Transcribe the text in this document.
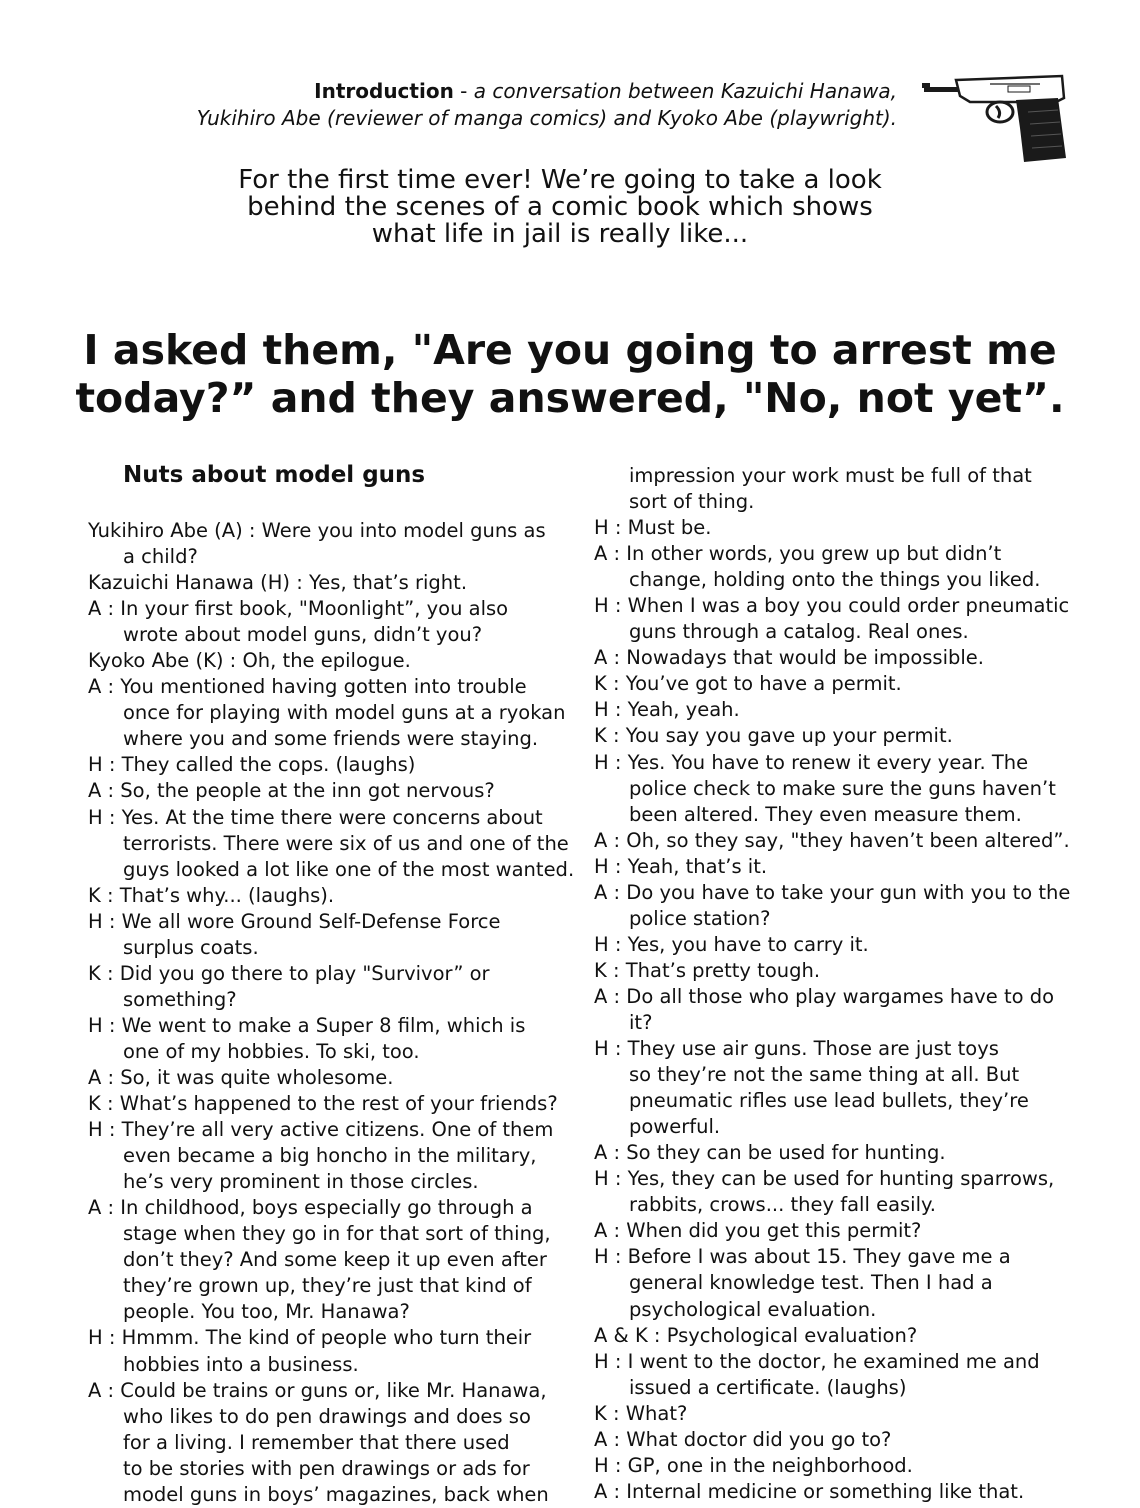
Introduction - a conversation between Kazuichi Hanawa,
Yukihiro Abe (reviewer of manga comics) and Kyoko Abe (playwright).
For the first time ever! We’re going to take a look
behind the scenes of a comic book which shows
what life in jail is really like...
I asked them, "Are you going to arrest me
today?” and they answered, "No, not yet”.
Nuts about model guns
Yukihiro Abe (A) : Were you into model guns as
a child?
Kazuichi Hanawa (H) : Yes, that’s right.
A : In your first book, "Moonlight”, you also
wrote about model guns, didn’t you?
Kyoko Abe (K) : Oh, the epilogue.
A : You mentioned having gotten into trouble
once for playing with model guns at a ryokan
where you and some friends were staying.
H : They called the cops. (laughs)
A : So, the people at the inn got nervous?
H : Yes. At the time there were concerns about
terrorists. There were six of us and one of the
guys looked a lot like one of the most wanted.
K : That’s why... (laughs).
H : We all wore Ground Self-Defense Force
surplus coats.
K : Did you go there to play "Survivor” or
something?
H : We went to make a Super 8 film, which is
one of my hobbies. To ski, too.
A : So, it was quite wholesome.
K : What’s happened to the rest of your friends?
H : They’re all very active citizens. One of them
even became a big honcho in the military,
he’s very prominent in those circles.
A : In childhood, boys especially go through a
stage when they go in for that sort of thing,
don’t they? And some keep it up even after
they’re grown up, they’re just that kind of
people. You too, Mr. Hanawa?
H : Hmmm. The kind of people who turn their
hobbies into a business.
A : Could be trains or guns or, like Mr. Hanawa,
who likes to do pen drawings and does so
for a living. I remember that there used
to be stories with pen drawings or ads for
model guns in boys’ magazines, back when
impression your work must be full of that
sort of thing.
H : Must be.
A : In other words, you grew up but didn’t
change, holding onto the things you liked.
H : When I was a boy you could order pneumatic
guns through a catalog. Real ones.
A : Nowadays that would be impossible.
K : You’ve got to have a permit.
H : Yeah, yeah.
K : You say you gave up your permit.
H : Yes. You have to renew it every year. The
police check to make sure the guns haven’t
been altered. They even measure them.
A : Oh, so they say, "they haven’t been altered”.
H : Yeah, that’s it.
A : Do you have to take your gun with you to the
police station?
H : Yes, you have to carry it.
K : That’s pretty tough.
A : Do all those who play wargames have to do
it?
H : They use air guns. Those are just toys
so they’re not the same thing at all. But
pneumatic rifles use lead bullets, they’re
powerful.
A : So they can be used for hunting.
H : Yes, they can be used for hunting sparrows,
rabbits, crows... they fall easily.
A : When did you get this permit?
H : Before I was about 15. They gave me a
general knowledge test. Then I had a
psychological evaluation.
A & K : Psychological evaluation?
H : I went to the doctor, he examined me and
issued a certificate. (laughs)
K : What?
A : What doctor did you go to?
H : GP, one in the neighborhood.
A : Internal medicine or something like that.
